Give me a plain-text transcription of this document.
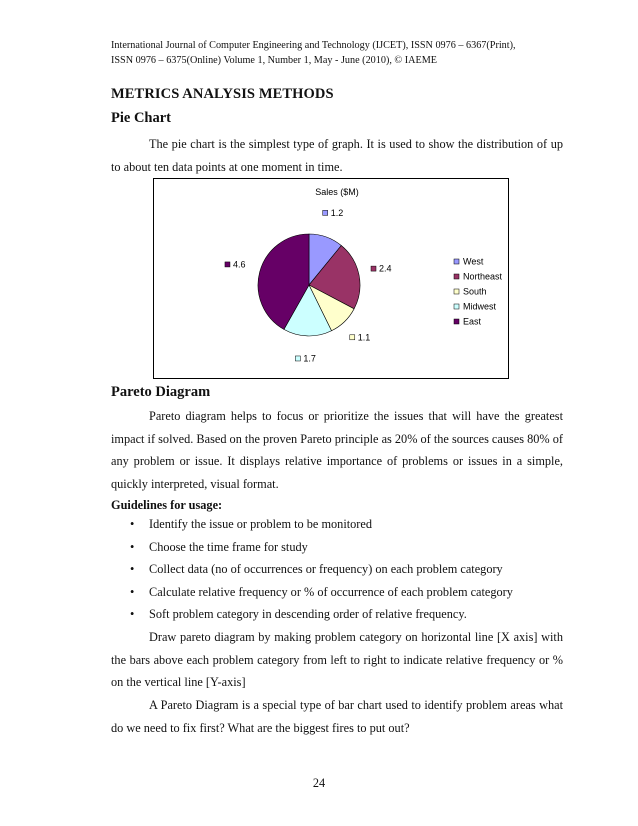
International Journal of Computer Engineering and Technology (IJCET), ISSN 0976 – 6367(Print),
ISSN 0976 – 6375(Online) Volume 1, Number 1, May - June (2010), © IAEME
METRICS ANALYSIS METHODS
Pie Chart
The pie chart is the simplest type of graph. It is used to show the distribution of up to about ten data points at one moment in time.
Sales ($M)
1.2
2.4
1.1
1.7
4.6	West
Northeast
South
Midwest
East
Pareto Diagram
Pareto diagram helps to focus or prioritize the issues that will have the greatest impact if solved. Based on the proven Pareto principle as 20% of the sources causes 80% of any problem or issue. It displays relative importance of problems or issues in a simple, quickly interpreted, visual format.
Guidelines for usage:
• Identify the issue or problem to be monitored
• Choose the time frame for study
• Collect data (no of occurrences or frequency) on each problem category
• Calculate relative frequency or % of occurrence of each problem category
• Soft problem category in descending order of relative frequency.
Draw pareto diagram by making problem category on horizontal line [X axis] with the bars above each problem category from left to right to indicate relative frequency or % on the vertical line [Y-axis]
A Pareto Diagram is a special type of bar chart used to identify problem areas what do we need to fix first? What are the biggest fires to put out?
24
